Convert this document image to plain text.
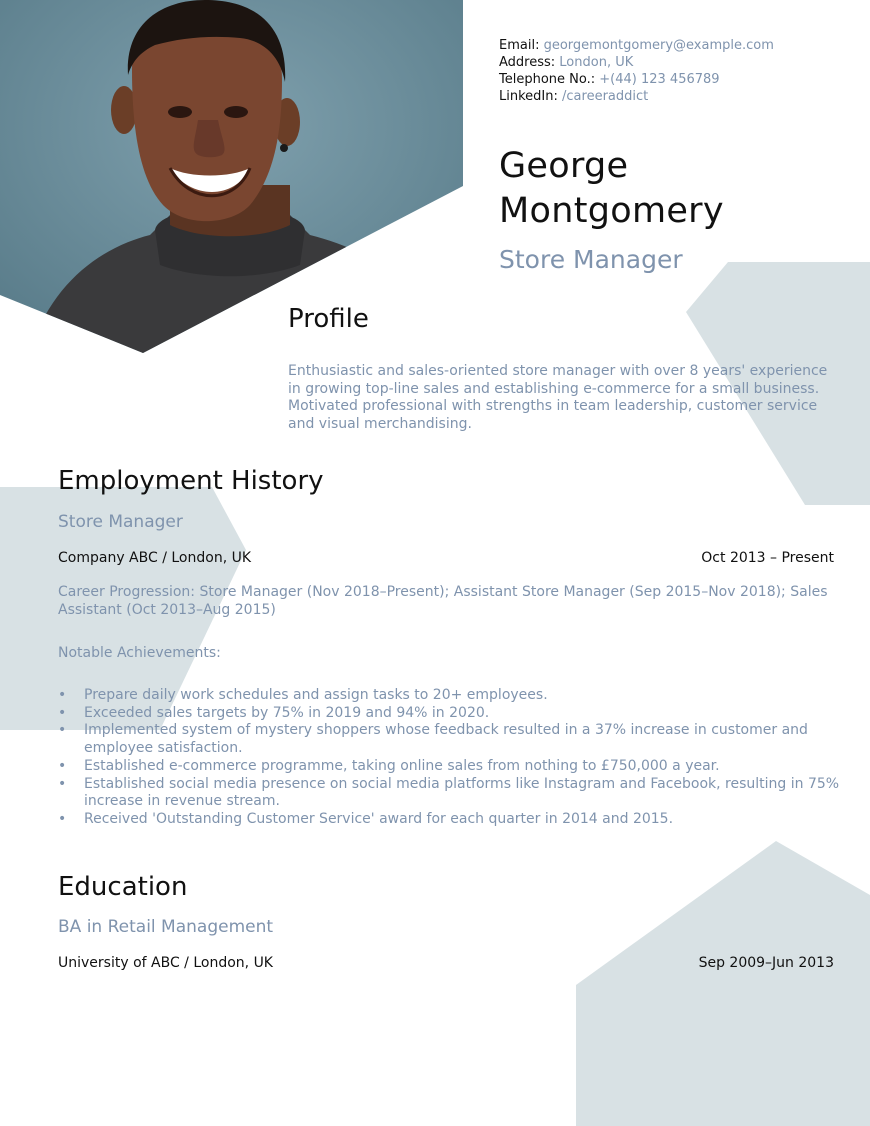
Email: georgemontgomery@example.com
Address: London, UK
Telephone No.: +(44) 123 456789
LinkedIn: /careeraddict
George
Montgomery
Store Manager
Profile
Enthusiastic and sales-oriented store manager with over 8 years' experience in growing top-line sales and establishing e-commerce for a small business. Motivated professional with strengths in team leadership, customer service and visual merchandising.
Employment History
Store Manager
Company ABC / London, UK	Oct 2013 – Present
Career Progression: Store Manager (Nov 2018–Present); Assistant Store Manager (Sep 2015–Nov 2018); Sales Assistant (Oct 2013–Aug 2015)
Notable Achievements:
• Prepare daily work schedules and assign tasks to 20+ employees.
• Exceeded sales targets by 75% in 2019 and 94% in 2020.
• Implemented system of mystery shoppers whose feedback resulted in a 37% increase in customer and employee satisfaction.
• Established e-commerce programme, taking online sales from nothing to £750,000 a year.
• Established social media presence on social media platforms like Instagram and Facebook, resulting in 75% increase in revenue stream.
• Received 'Outstanding Customer Service' award for each quarter in 2014 and 2015.
Education
BA in Retail Management
University of ABC / London, UK	Sep 2009–Jun 2013
